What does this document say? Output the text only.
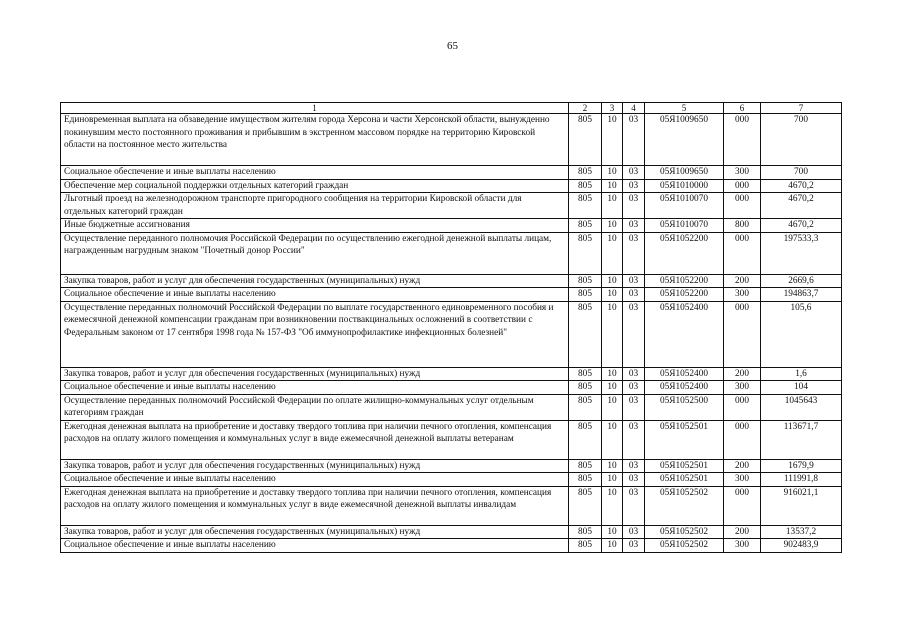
65
1	2	3	4	5	6	7
Единовременная выплата на обзаведение имуществом жителям города Херсона и части Херсонской области, вынужденно покинувшим место постоянного проживания и прибывшим в экстренном массовом порядке на территорию Кировской области на постоянное место жительства	805	10	03	05Я1009650	000	700
Социальное обеспечение и иные выплаты населению	805	10	03	05Я1009650	300	700
Обеспечение мер социальной поддержки отдельных категорий граждан	805	10	03	05Я1010000	000	4670,2
Льготный проезд на железнодорожном транспорте пригородного сообщения на территории Кировской области для отдельных категорий граждан	805	10	03	05Я1010070	000	4670,2
Иные бюджетные ассигнования	805	10	03	05Я1010070	800	4670,2
Осуществление переданного полномочия Российской Федерации по осуществлению ежегодной денежной выплаты лицам, награжденным нагрудным знаком "Почетный донор России"	805	10	03	05Я1052200	000	197533,3
Закупка товаров, работ и услуг для обеспечения государственных (муниципальных) нужд	805	10	03	05Я1052200	200	2669,6
Социальное обеспечение и иные выплаты населению	805	10	03	05Я1052200	300	194863,7
Осуществление переданных полномочий Российской Федерации по выплате государственного единовременного пособия и ежемесячной денежной компенсации гражданам при возникновении поствакцинальных осложнений в соответствии с Федеральным законом от 17 сентября 1998 года № 157-ФЗ "Об иммунопрофилактике инфекционных болезней"	805	10	03	05Я1052400	000	105,6
Закупка товаров, работ и услуг для обеспечения государственных (муниципальных) нужд	805	10	03	05Я1052400	200	1,6
Социальное обеспечение и иные выплаты населению	805	10	03	05Я1052400	300	104
Осуществление переданных полномочий Российской Федерации по оплате жилищно-коммунальных услуг отдельным категориям граждан	805	10	03	05Я1052500	000	1045643
Ежегодная денежная выплата на приобретение и доставку твердого топлива при наличии печного отопления, компенсация расходов на оплату жилого помещения и коммунальных услуг в виде ежемесячной денежной выплаты ветеранам	805	10	03	05Я1052501	000	113671,7
Закупка товаров, работ и услуг для обеспечения государственных (муниципальных) нужд	805	10	03	05Я1052501	200	1679,9
Социальное обеспечение и иные выплаты населению	805	10	03	05Я1052501	300	111991,8
Ежегодная денежная выплата на приобретение и доставку твердого топлива при наличии печного отопления, компенсация расходов на оплату жилого помещения и коммунальных услуг в виде ежемесячной денежной выплаты инвалидам	805	10	03	05Я1052502	000	916021,1
Закупка товаров, работ и услуг для обеспечения государственных (муниципальных) нужд	805	10	03	05Я1052502	200	13537,2
Социальное обеспечение и иные выплаты населению	805	10	03	05Я1052502	300	902483,9
